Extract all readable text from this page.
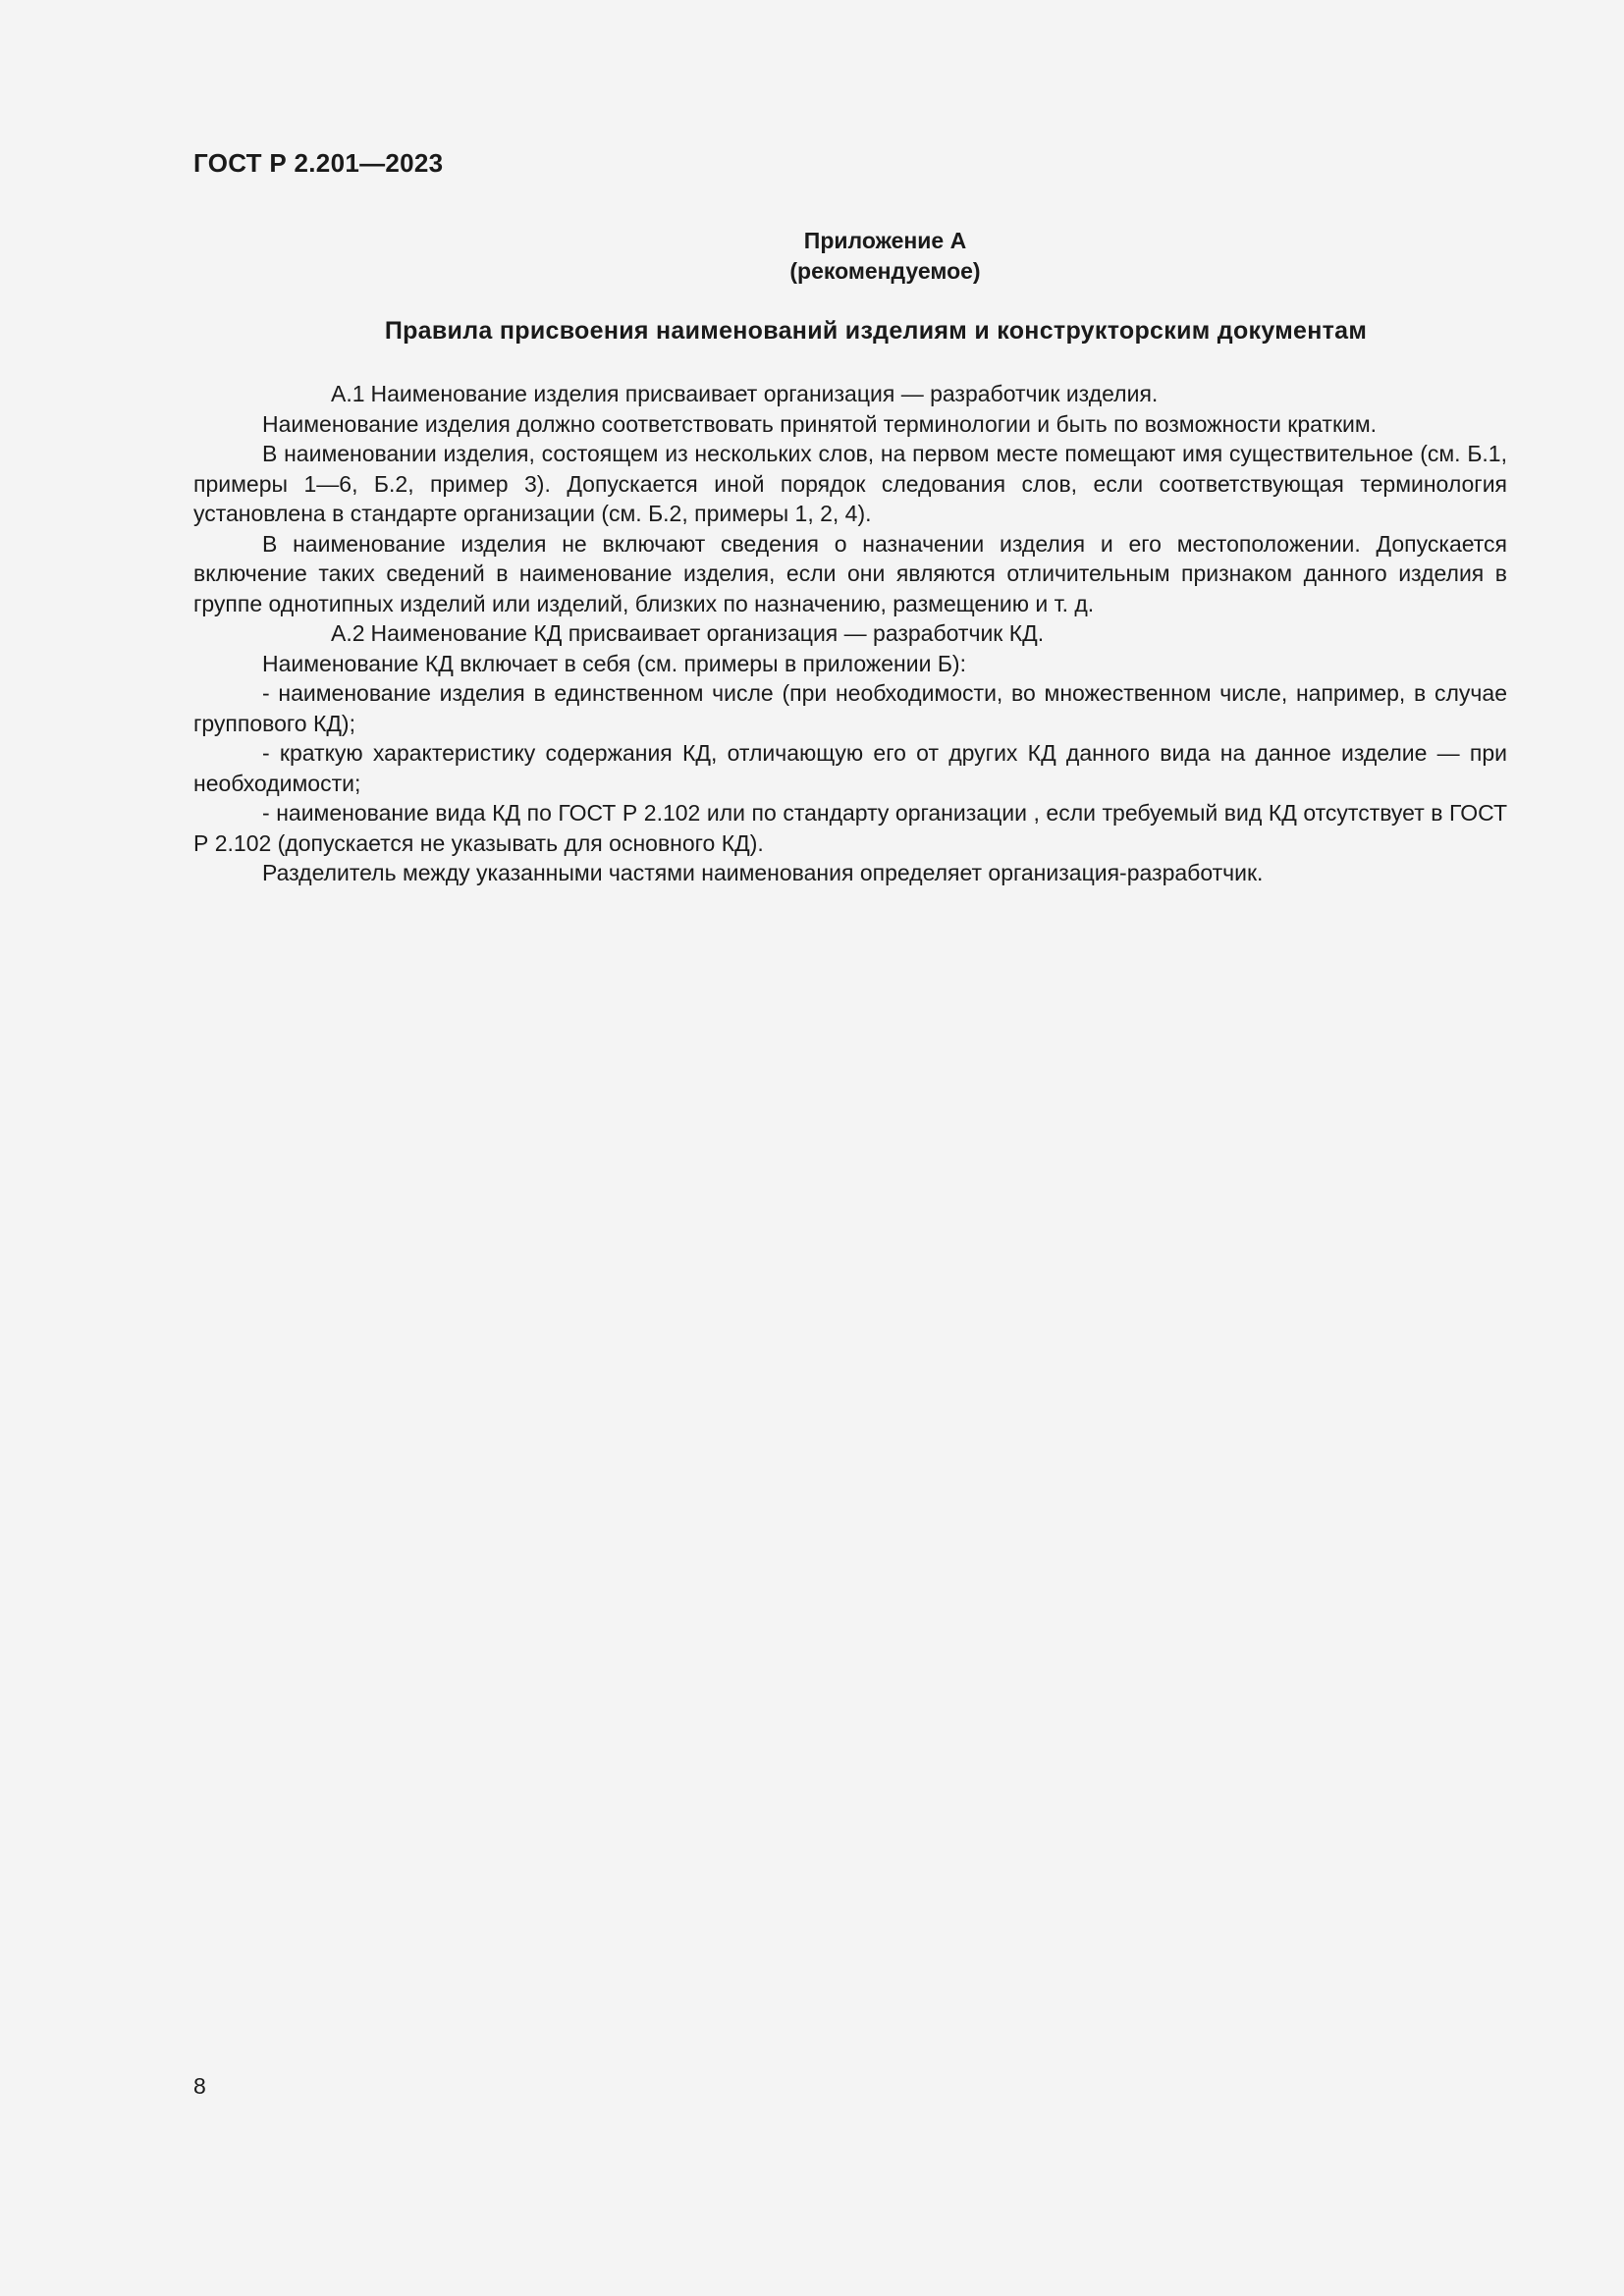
ГОСТ Р 2.201—2023
Приложение А
(рекомендуемое)
Правила присвоения наименований изделиям и конструкторским документам

А.1 Наименование изделия присваивает организация — разработчик изделия.

Наименование изделия должно соответствовать принятой терминологии и быть по возможности кратким.

В наименовании изделия, состоящем из нескольких слов, на первом месте помещают имя существительное (см. Б.1, примеры 1—6, Б.2, пример 3). Допускается иной порядок следования слов, если соответствующая терминология установлена в стандарте организации (см. Б.2, примеры 1, 2, 4).

В наименование изделия не включают сведения о назначении изделия и его местоположении. Допускается включение таких сведений в наименование изделия, если они являются отличительным признаком данного изделия в группе однотипных изделий или изделий, близких по назначению, размещению и т. д.

А.2 Наименование КД присваивает организация — разработчик КД.

Наименование КД включает в себя (см. примеры в приложении Б):

- наименование изделия в единственном числе (при необходимости, во множественном числе, например, в случае группового КД);

- краткую характеристику содержания КД, отличающую его от других КД данного вида на данное изделие — при необходимости;

- наименование вида КД по ГОСТ Р 2.102 или по стандарту организации , если требуемый вид КД отсутствует в ГОСТ Р 2.102 (допускается не указывать для основного КД).

Разделитель между указанными частями наименования определяет организация-разработчик.

8
